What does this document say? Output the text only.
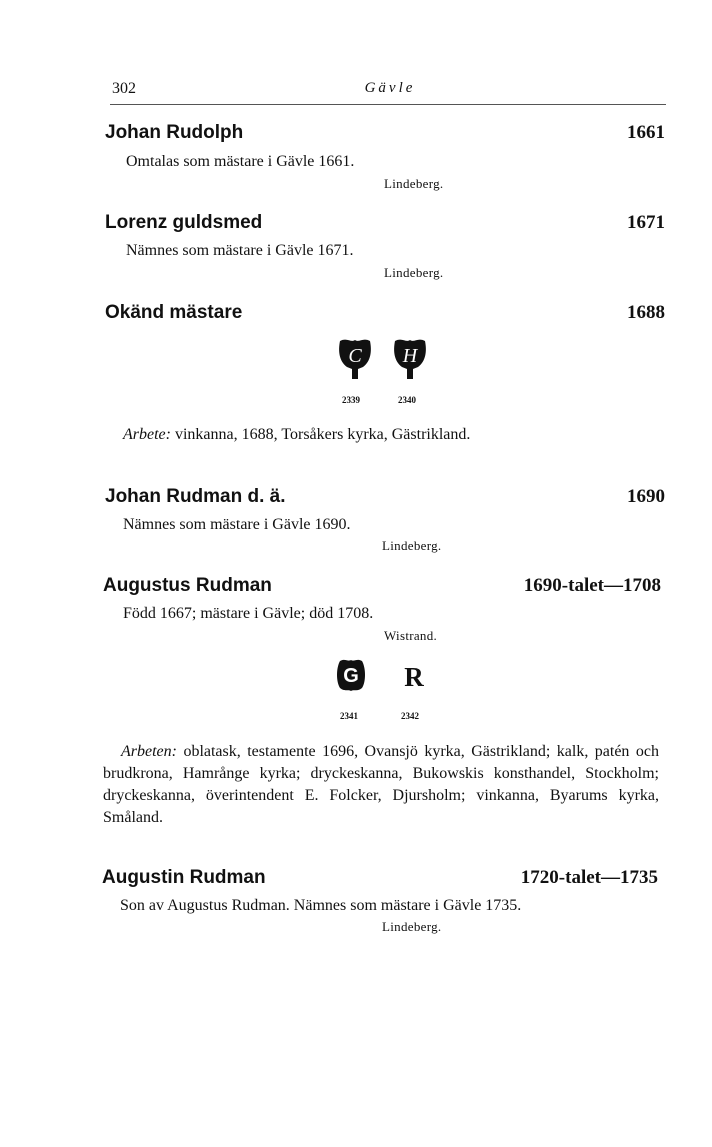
302	Gävle
Johan Rudolph	1661
Omtalas som mästare i Gävle 1661.
Lindeberg.
Lorenz guldsmed	1671
Nämnes som mästare i Gävle 1671.
Lindeberg.
Okänd mästare	1688
C H
2339	2340
Arbete: vinkanna, 1688, Torsåkers kyrka, Gästrikland.
Johan Rudman d. ä.	1690
Nämnes som mästare i Gävle 1690.
Lindeberg.
Augustus Rudman	1690-talet—1708
Född 1667; mästare i Gävle; död 1708.
Wistrand.
G R
2341	2342

Arbeten: oblatask, testamente 1696, Ovansjö kyrka, Gästrikland; kalk, patén och brudkrona, Hamrånge kyrka; dryckeskanna, Bukowskis konsthandel, Stockholm; dryckeskanna, överintendent E. Folcker, Djursholm; vinkanna, Byarums kyrka, Småland.

Augustin Rudman	1720-talet—1735
Son av Augustus Rudman. Nämnes som mästare i Gävle 1735.
Lindeberg.
